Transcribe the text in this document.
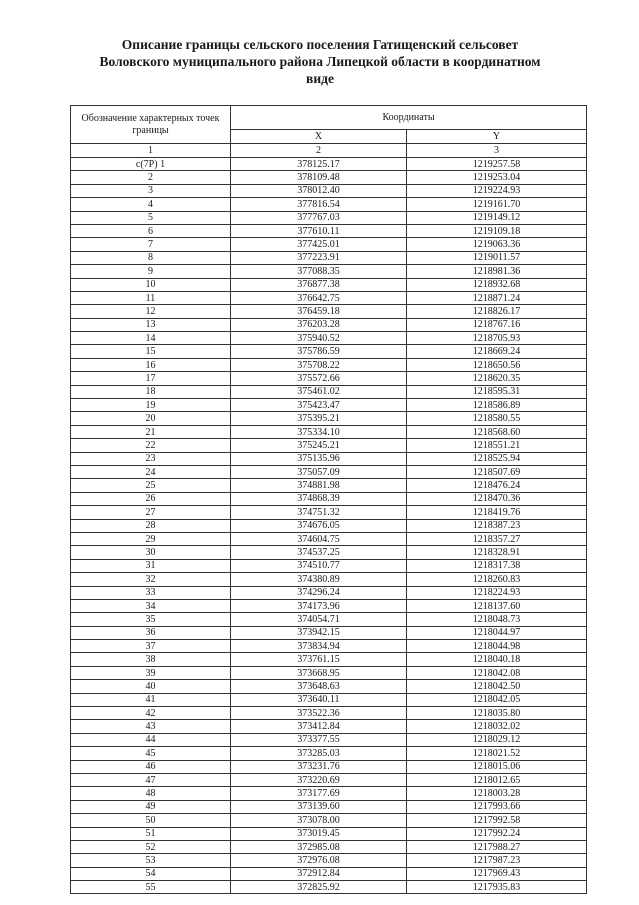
Описание границы сельского поселения Гатищенский сельсовет
Воловского муниципального района Липецкой области в координатном
виде
Обозначение характерных точек границы	Координаты	
	X	Y
1	2	3
с(7Р) 1	378125.17	1219257.58
2	378109.48	1219253.04
3	378012.40	1219224.93
4	377816.54	1219161.70
5	377767.03	1219149.12
6	377610.11	1219109.18
7	377425.01	1219063.36
8	377223.91	1219011.57
9	377088.35	1218981.36
10	376877.38	1218932.68
11	376642.75	1218871.24
12	376459.18	1218826.17
13	376203.28	1218767.16
14	375940.52	1218705.93
15	375786.59	1218669.24
16	375708.22	1218650.56
17	375572.66	1218620.35
18	375461.02	1218595.31
19	375423.47	1218586.89
20	375395.21	1218580.55
21	375334.10	1218568.60
22	375245.21	1218551.21
23	375135.96	1218525.94
24	375057.09	1218507.69
25	374881.98	1218476.24
26	374868.39	1218470.36
27	374751.32	1218419.76
28	374676.05	1218387.23
29	374604.75	1218357.27
30	374537.25	1218328.91
31	374510.77	1218317.38
32	374380.89	1218260.83
33	374296.24	1218224.93
34	374173.96	1218137.60
35	374054.71	1218048.73
36	373942.15	1218044.97
37	373834.94	1218044.98
38	373761.15	1218040.18
39	373668.95	1218042.08
40	373648.63	1218042.50
41	373640.11	1218042.05
42	373522.36	1218035.80
43	373412.84	1218032.02
44	373377.55	1218029.12
45	373285.03	1218021.52
46	373231.76	1218015.06
47	373220.69	1218012.65
48	373177.69	1218003.28
49	373139.60	1217993.66
50	373078.00	1217992.58
51	373019.45	1217992.24
52	372985.08	1217988.27
53	372976.08	1217987.23
54	372912.84	1217969.43
55	372825.92	1217935.83
